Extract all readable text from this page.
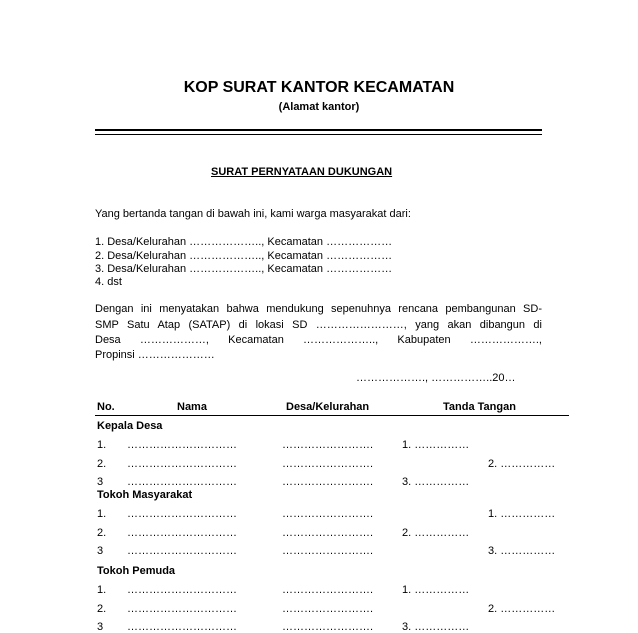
KOP SURAT KANTOR KECAMATAN
(Alamat kantor)
SURAT PERNYATAAN DUKUNGAN
Yang bertanda tangan di bawah ini, kami warga masyarakat dari:
1. Desa/Kelurahan ……………….., Kecamatan ………………
2. Desa/Kelurahan ……………….., Kecamatan ………………
3. Desa/Kelurahan ……………….., Kecamatan ………………
4. dst
Dengan ini menyatakan bahwa mendukung sepenuhnya rencana pembangunan SD-
SMP Satu Atap (SATAP) di lokasi SD ……………………, yang akan dibangun di
Desa ………………, Kecamatan ……………….., Kabupaten ……………….,
Propinsi …………………
………………., ……………..20…
No.	Nama	Desa/Kelurahan	Tanda Tangan
Kepala Desa
1. …………………………	…………………….	1. ……………
2. …………………………	…………………….	2. ……………
3 …………………………	…………………….	3. ……………
Tokoh Masyarakat
1. …………………………	…………………….	1. ……………
2. …………………………	…………………….	2. ……………
3 …………………………	…………………….	3. ……………
Tokoh Pemuda
1. …………………………	…………………….	1. ……………
2. …………………………	…………………….	2. ……………
3 …………………………	…………………….	3. ……………
